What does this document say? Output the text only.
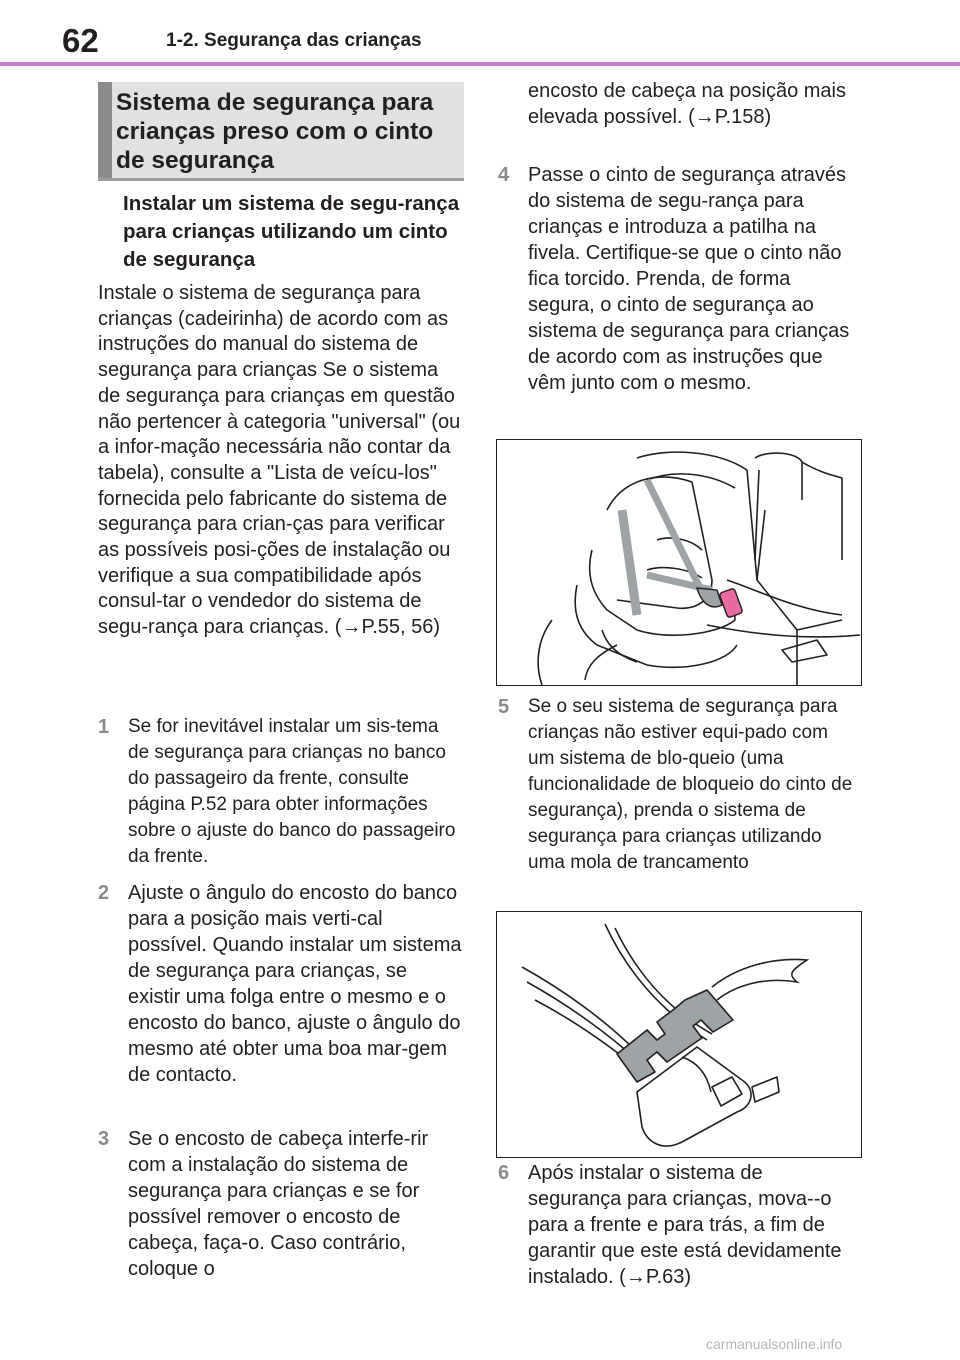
62	1-2. Segurança das crianças
Sistema de segurança para crianças preso com o cinto de segurança
Instalar um sistema de segu-rança para crianças utilizando um cinto de segurança
Instale o sistema de segurança para crianças (cadeirinha) de acordo com as instruções do manual do sistema de segurança para crianças Se o sistema de segurança para crianças em questão não pertencer à categoria "universal" (ou a infor-mação necessária não contar da tabela), consulte a "Lista de veícu-los" fornecida pelo fabricante do sistema de segurança para crian-ças para verificar as possíveis posi-ções de instalação ou verifique a sua compatibilidade após consul-tar o vendedor do sistema de segu-rança para crianças. (→P.55, 56)
1 Se for inevitável instalar um sis-tema de segurança para crianças no banco do passageiro da frente, consulte página P.52 para obter informações sobre o ajuste do banco do passageiro da frente.
2 Ajuste o ângulo do encosto do banco para a posição mais verti-cal possível. Quando instalar um sistema de segurança para crianças, se existir uma folga entre o mesmo e o encosto do banco, ajuste o ângulo do mesmo até obter uma boa mar-gem de contacto.
3 Se o encosto de cabeça interfe-rir com a instalação do sistema de segurança para crianças e se for possível remover o encosto de cabeça, faça-o. Caso contrário, coloque o
encosto de cabeça na posição mais elevada possível. (→P.158)
4 Passe o cinto de segurança através do sistema de segu-rança para crianças e introduza a patilha na fivela. Certifique-se que o cinto não fica torcido. Prenda, de forma segura, o cinto de segurança ao sistema de segurança para crianças de acordo com as instruções que vêm junto com o mesmo.
5 Se o seu sistema de segurança para crianças não estiver equi-pado com um sistema de blo-queio (uma funcionalidade de bloqueio do cinto de segurança), prenda o sistema de segurança para crianças utilizando uma mola de trancamento
6 Após instalar o sistema de segurança para crianças, mova--o para a frente e para trás, a fim de garantir que este está devidamente instalado. (→P.63)
carmanualsonline.info
